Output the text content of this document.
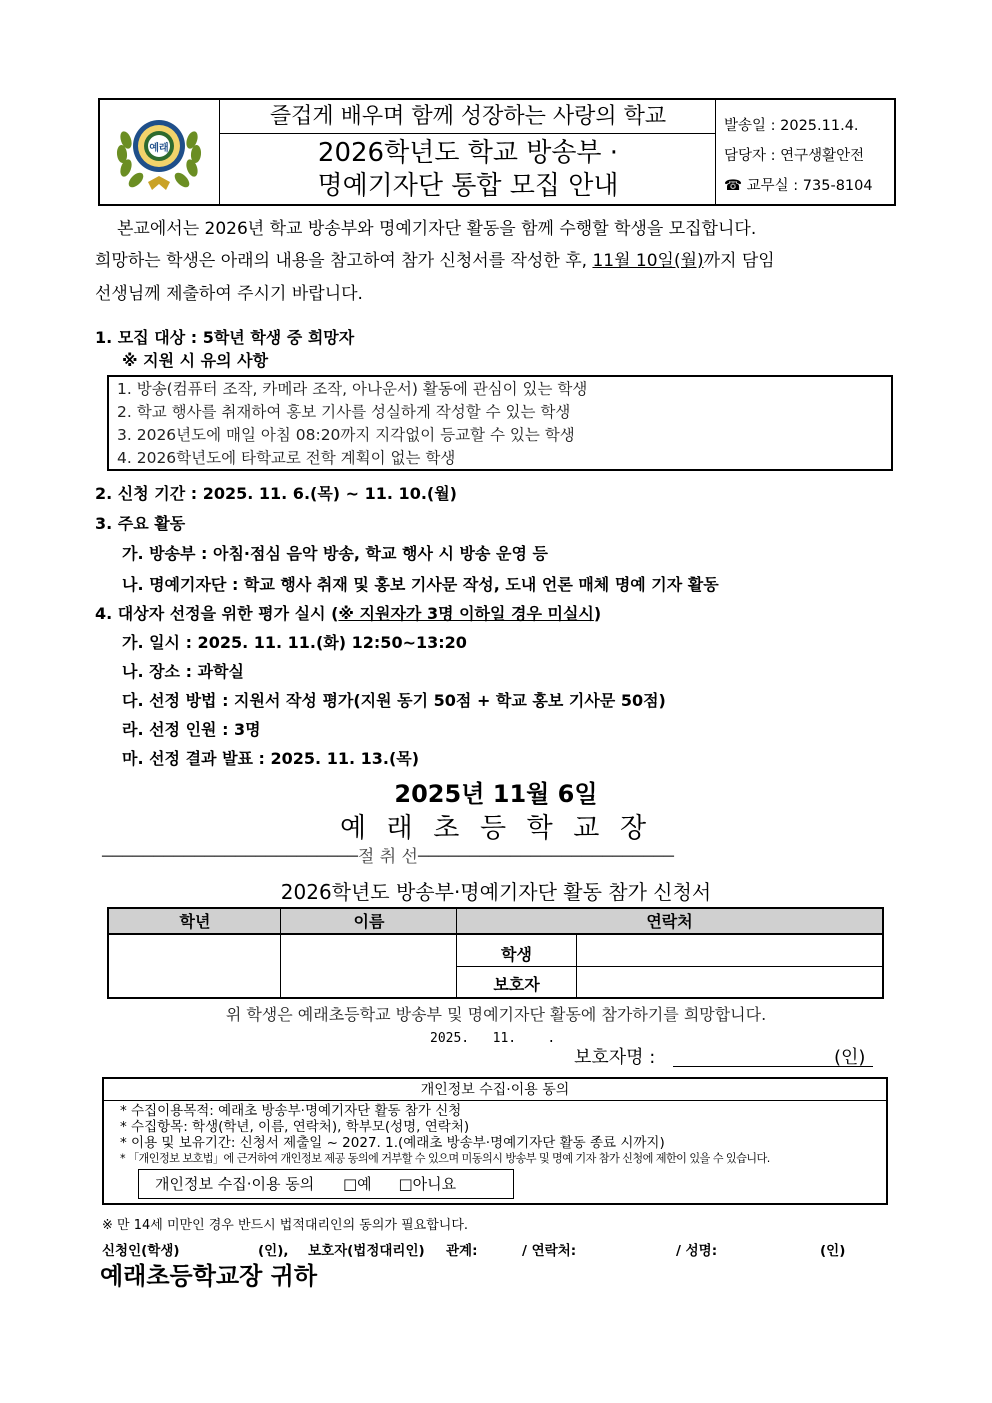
예래
즐겁게 배우며 함께 성장하는 사랑의 학교
2026학년도 학교 방송부 ·
명예기자단 통합 모집 안내
발송일 : 2025.11.4.
담당자 : 연구생활안전
☎ 교무실 : 735-8104
본교에서는 2026년 학교 방송부와 명예기자단 활동을 함께 수행할 학생을 모집합니다.
희망하는 학생은 아래의 내용을 참고하여 참가 신청서를 작성한 후, 11월 10일(월)까지 담임
선생님께 제출하여 주시기 바랍니다.
1. 모집 대상 : 5학년 학생 중 희망자
※ 지원 시 유의 사항
1. 방송(컴퓨터 조작, 카메라 조작, 아나운서) 활동에 관심이 있는 학생
2. 학교 행사를 취재하여 홍보 기사를 성실하게 작성할 수 있는 학생
3. 2026년도에 매일 아침 08:20까지 지각없이 등교할 수 있는 학생
4. 2026학년도에 타학교로 전학 계획이 없는 학생
2. 신청 기간 : 2025. 11. 6.(목) ~ 11. 10.(월)
3. 주요 활동
가. 방송부 : 아침·점심 음악 방송, 학교 행사 시 방송 운영 등
나. 명예기자단 : 학교 행사 취재 및 홍보 기사문 작성, 도내 언론 매체 명예 기자 활동
4. 대상자 선정을 위한 평가 실시 (※ 지원자가 3명 이하일 경우 미실시)
가. 일시 : 2025. 11. 11.(화) 12:50~13:20
나. 장소 : 과학실
다. 선정 방법 : 지원서 작성 평가(지원 동기 50점 + 학교 홍보 기사문 50점)
라. 선정 인원 : 3명
마. 선정 결과 발표 : 2025. 11. 13.(목)
2025년 11월 6일
예 래 초 등 학 교 장
─────────────────────────절 취 선─────────────────────────
2026학년도 방송부·명예기자단 활동 참가 신청서
학년	이름	연락처
학생
보호자
위 학생은 예래초등학교 방송부 및 명예기자단 활동에 참가하기를 희망합니다.
2025.   11.    .
보호자명 :	(인)
개인정보 수집·이용 동의
* 수집이용목적: 예래초 방송부·명예기자단 활동 참가 신청
* 수집항목: 학생(학년, 이름, 연락처), 학부모(성명, 연락처)
* 이용 및 보유기간: 신청서 제출일 ~ 2027. 1.(예래초 방송부·명예기자단 활동 종료 시까지)
* 「개인정보 보호법」에 근거하여 개인정보 제공 동의에 거부할 수 있으며 미동의시 방송부 및 명예 기자 참가 신청에 제한이 있을 수 있습니다.
개인정보 수집·이용 동의 □예 □아니요
※ 만 14세 미만인 경우 반드시 법적대리인의 동의가 필요합니다.
신청인(학생)	(인), 보호자(법정대리인) 관계:	/ 연락처:	/ 성명:	(인)
예래초등학교장 귀하
